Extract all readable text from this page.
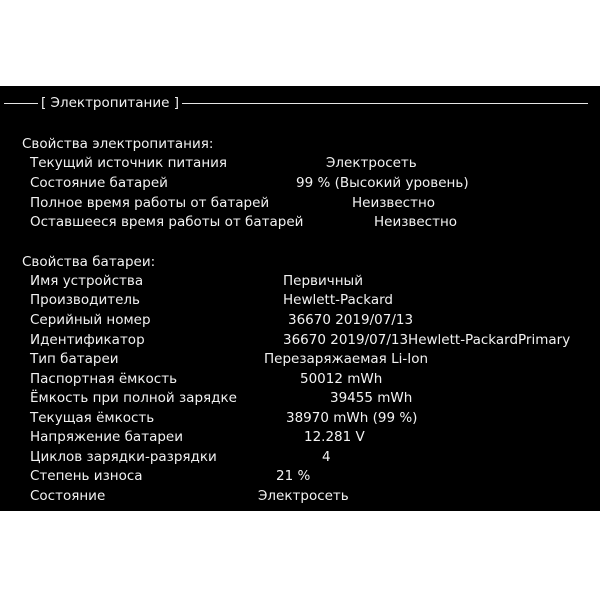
[ Электропитание ]
Свойства электропитания:
Текущий источник питания	Электросеть
Состояние батарей	99 % (Высокий уровень)
Полное время работы от батарей	Неизвестно
Оставшееся время работы от батарей	Неизвестно
Свойства батареи:
Имя устройства	Первичный
Производитель	Hewlett-Packard
Серийный номер	36670 2019/07/13
Идентификатор	36670 2019/07/13Hewlett-PackardPrimary
Тип батареи	Перезаряжаемая Li-Ion
Паспортная ёмкость	50012 mWh
Ёмкость при полной зарядке	39455 mWh
Текущая ёмкость	38970 mWh (99 %)
Напряжение батареи	12.281 V
Циклов зарядки-разрядки	4
Степень износа	21 %
Состояние	Электросеть
